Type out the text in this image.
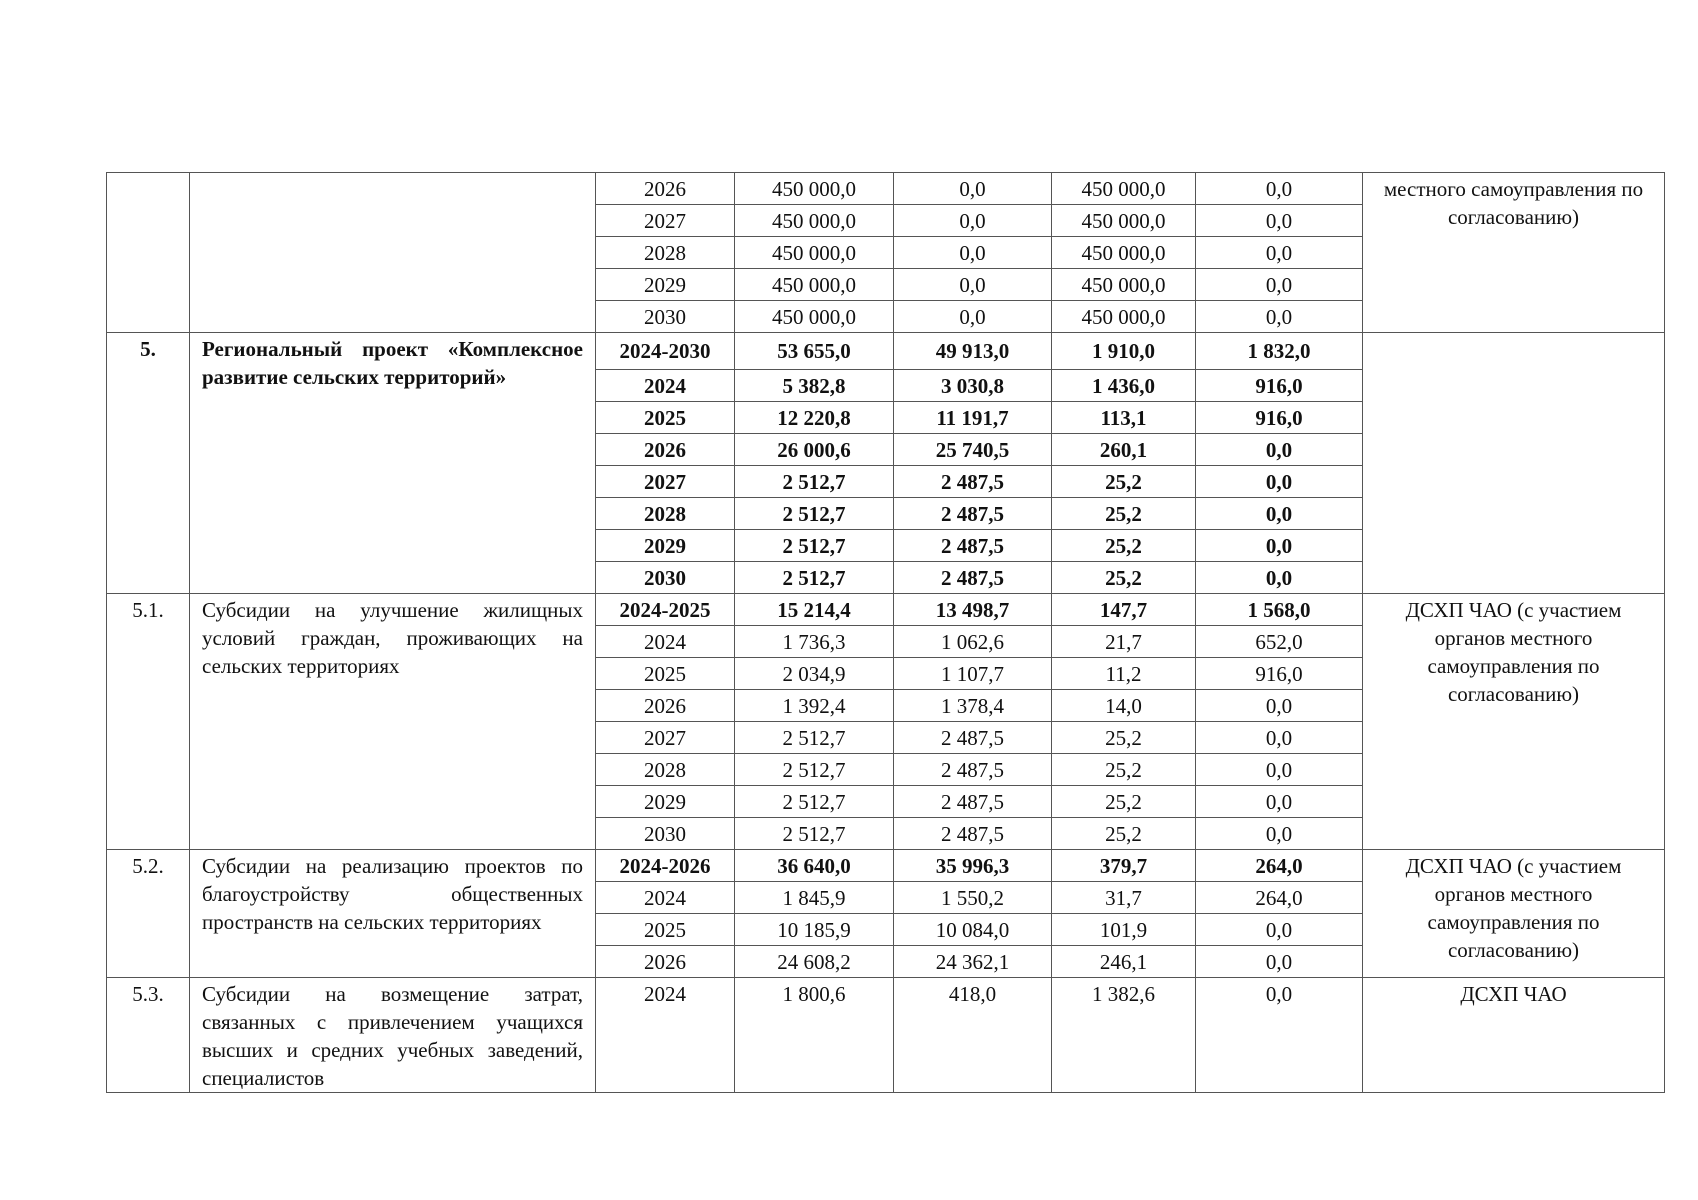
		2026	450 000,0	0,0	450 000,0	0,0	местного самоуправления по согласованию)
		2027	450 000,0	0,0	450 000,0	0,0	
		2028	450 000,0	0,0	450 000,0	0,0	
		2029	450 000,0	0,0	450 000,0	0,0	
		2030	450 000,0	0,0	450 000,0	0,0	
5.	Региональный проект «Комплексное развитие сельских территорий»	2024-2030	53 655,0	49 913,0	1 910,0	1 832,0	
		2024	5 382,8	3 030,8	1 436,0	916,0	
		2025	12 220,8	11 191,7	113,1	916,0	
		2026	26 000,6	25 740,5	260,1	0,0	
		2027	2 512,7	2 487,5	25,2	0,0	
		2028	2 512,7	2 487,5	25,2	0,0	
		2029	2 512,7	2 487,5	25,2	0,0	
		2030	2 512,7	2 487,5	25,2	0,0	
5.1.	Субсидии на улучшение жилищных условий граждан, проживающих на сельских территориях	2024-2025	15 214,4	13 498,7	147,7	1 568,0	ДСХП ЧАО (с участием органов местного самоуправления по согласованию)
		2024	1 736,3	1 062,6	21,7	652,0	
		2025	2 034,9	1 107,7	11,2	916,0	
		2026	1 392,4	1 378,4	14,0	0,0	
		2027	2 512,7	2 487,5	25,2	0,0	
		2028	2 512,7	2 487,5	25,2	0,0	
		2029	2 512,7	2 487,5	25,2	0,0	
		2030	2 512,7	2 487,5	25,2	0,0	
5.2.	Субсидии на реализацию проектов по благоустройству общественных пространств на сельских территориях	2024-2026	36 640,0	35 996,3	379,7	264,0	ДСХП ЧАО (с участием органов местного самоуправления по согласованию)
		2024	1 845,9	1 550,2	31,7	264,0	
		2025	10 185,9	10 084,0	101,9	0,0	
		2026	24 608,2	24 362,1	246,1	0,0	
5.3.	Субсидии на возмещение затрат, связанных с привлечением учащихся высших и средних учебных заведений, специалистов	2024	1 800,6	418,0	1 382,6	0,0	ДСХП ЧАО
